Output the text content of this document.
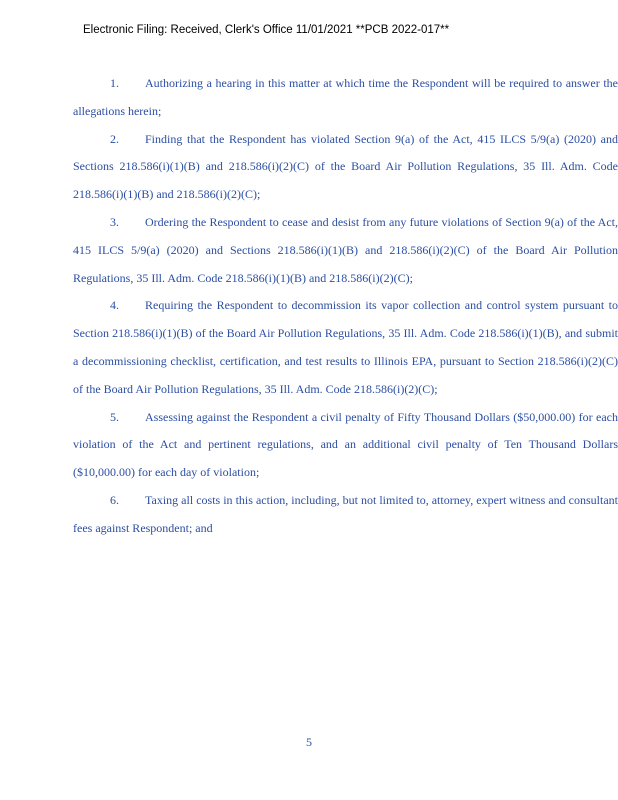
Electronic Filing: Received, Clerk's Office 11/01/2021 **PCB 2022-017**

1. Authorizing a hearing in this matter at which time the Respondent will be required to answer the allegations herein;

2. Finding that the Respondent has violated Section 9(a) of the Act, 415 ILCS 5/9(a) (2020) and Sections 218.586(i)(1)(B) and 218.586(i)(2)(C) of the Board Air Pollution Regulations, 35 Ill. Adm. Code 218.586(i)(1)(B) and 218.586(i)(2)(C);

3. Ordering the Respondent to cease and desist from any future violations of Section 9(a) of the Act, 415 ILCS 5/9(a) (2020) and Sections 218.586(i)(1)(B) and 218.586(i)(2)(C) of the Board Air Pollution Regulations, 35 Ill. Adm. Code 218.586(i)(1)(B) and 218.586(i)(2)(C);

4. Requiring the Respondent to decommission its vapor collection and control system pursuant to Section 218.586(i)(1)(B) of the Board Air Pollution Regulations, 35 Ill. Adm. Code 218.586(i)(1)(B), and submit a decommissioning checklist, certification, and test results to Illinois EPA, pursuant to Section 218.586(i)(2)(C) of the Board Air Pollution Regulations, 35 Ill. Adm. Code 218.586(i)(2)(C);

5. Assessing against the Respondent a civil penalty of Fifty Thousand Dollars ($50,000.00) for each violation of the Act and pertinent regulations, and an additional civil penalty of Ten Thousand Dollars ($10,000.00) for each day of violation;

6. Taxing all costs in this action, including, but not limited to, attorney, expert witness and consultant fees against Respondent; and

5
